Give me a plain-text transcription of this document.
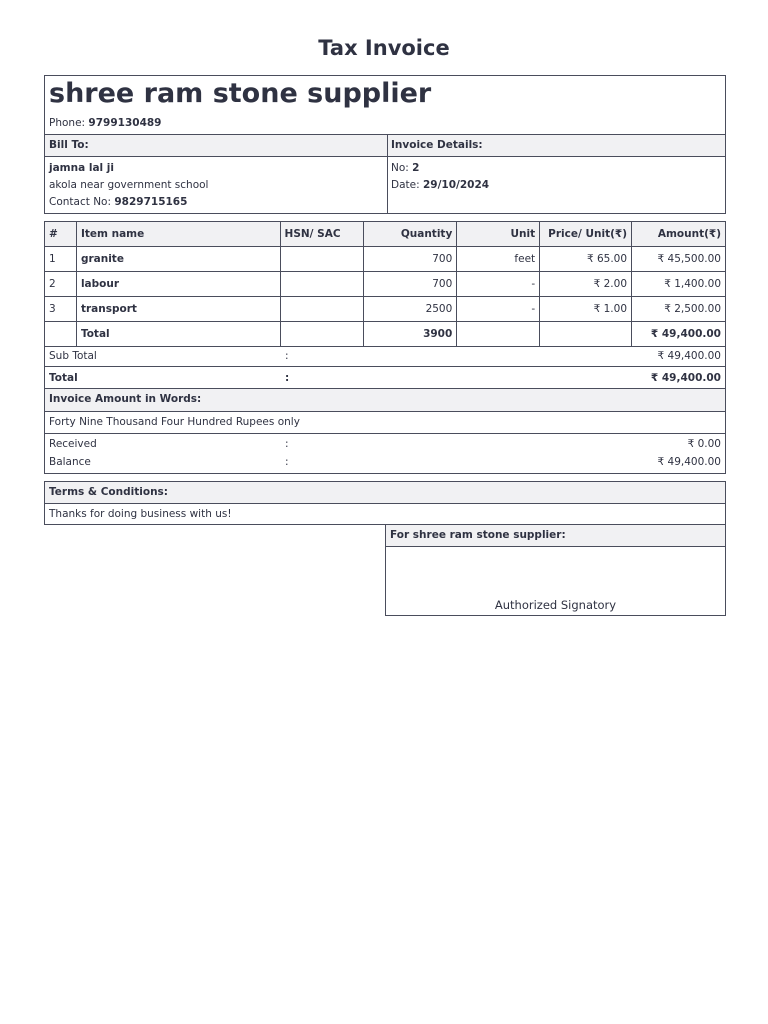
Tax Invoice
shree ram stone supplier
Phone: 9799130489
Bill To:	Invoice Details:
jamna lal ji
akola near government school
Contact No: 9829715165
No: 2
Date: 29/10/2024
#	Item name	HSN/ SAC	Quantity	Unit	Price/ Unit(₹)	Amount(₹)
1	granite		700	feet	₹ 65.00	₹ 45,500.00
2	labour		700	-	₹ 2.00	₹ 1,400.00
3	transport		2500	-	₹ 1.00	₹ 2,500.00
	Total		3900			₹ 49,400.00
Sub Total	:	₹ 49,400.00
Total	:	₹ 49,400.00
Invoice Amount in Words:
Forty Nine Thousand Four Hundred Rupees only
Received	:	₹ 0.00
Balance	:	₹ 49,400.00
Terms & Conditions:
Thanks for doing business with us!
For shree ram stone supplier:
Authorized Signatory
